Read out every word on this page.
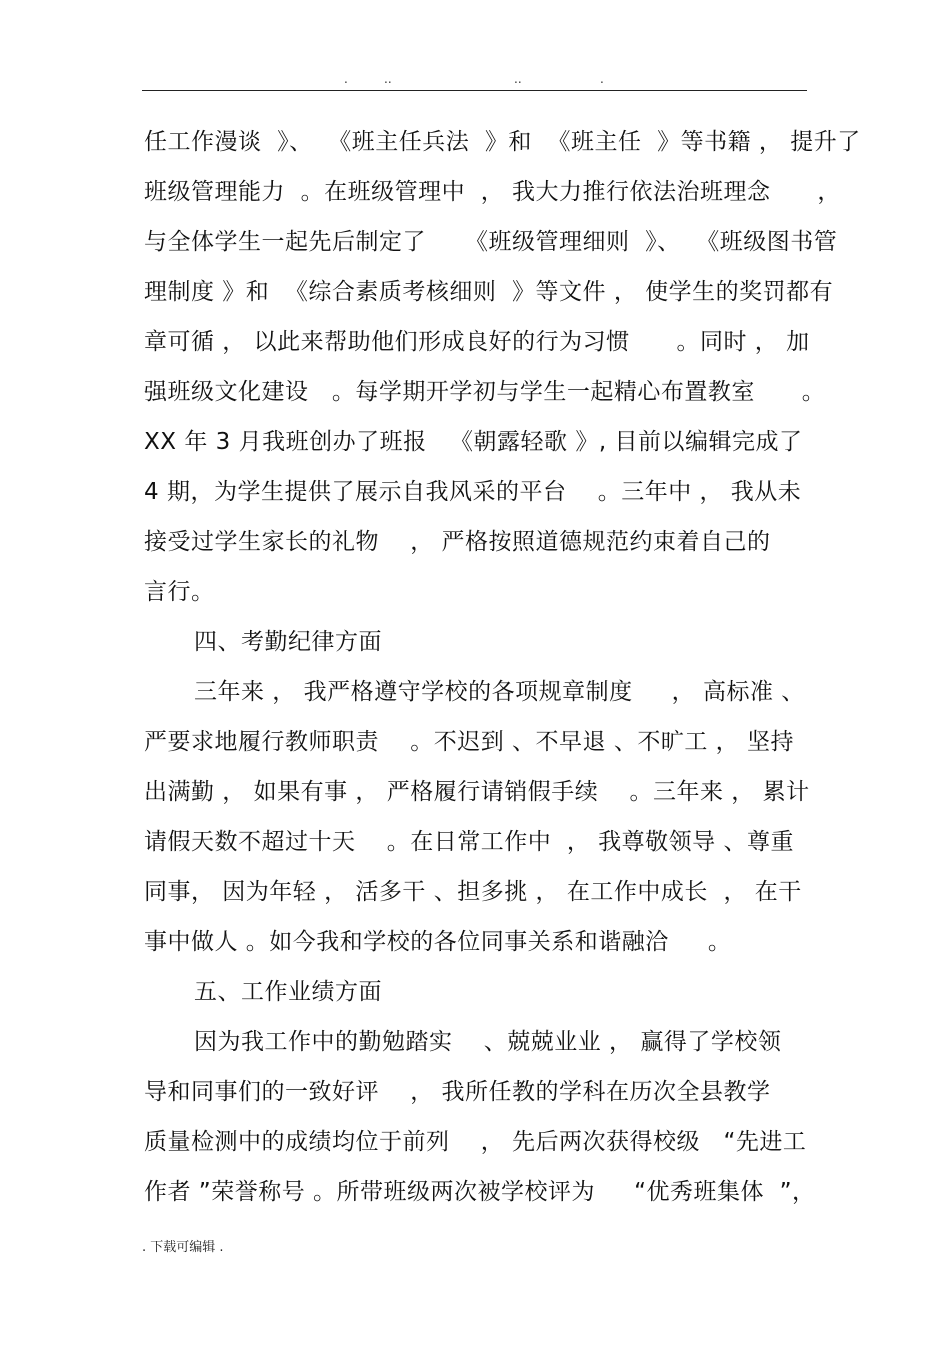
.	..	..	.
任工作漫谈  》、  《班主任兵法  》和  《班主任  》等书籍 ， 提升了
班级管理能力  。在班级管理中  ， 我大力推行依法治班理念      ，
与全体学生一起先后制定了     《班级管理细则  》、  《班级图书管
理制度 》和  《综合素质考核细则  》等文件 ， 使学生的奖罚都有
章可循 ， 以此来帮助他们形成良好的行为习惯      。同时 ， 加
强班级文化建设   。每学期开学初与学生一起精心布置教室      。
XX 年 3 月我班创办了班报   《朝露轻歌 》, 目前以编辑完成了
4 期，为学生提供了展示自我风采的平台    。三年中 ， 我从未
接受过学生家长的礼物    ， 严格按照道德规范约束着自己的
言行。
四、考勤纪律方面
三年来 ， 我严格遵守学校的各项规章制度     ， 高标准 、
严要求地履行教师职责    。不迟到 、不早退 、不旷工 ， 坚持
出满勤 ， 如果有事 ， 严格履行请销假手续    。三年来 ， 累计
请假天数不超过十天    。在日常工作中  ， 我尊敬领导 、尊重
同事， 因为年轻 ， 活多干 、担多挑 ， 在工作中成长  ， 在干
事中做人 。如今我和学校的各位同事关系和谐融洽     。
五、工作业绩方面
因为我工作中的勤勉踏实    、兢兢业业 ， 赢得了学校领
导和同事们的一致好评    ， 我所任教的学科在历次全县教学
质量检测中的成绩均位于前列    ， 先后两次获得校级   “先进工
作者 ”荣誉称号 。所带班级两次被学校评为     “优秀班集体  ”，
. 下载可编辑 .
